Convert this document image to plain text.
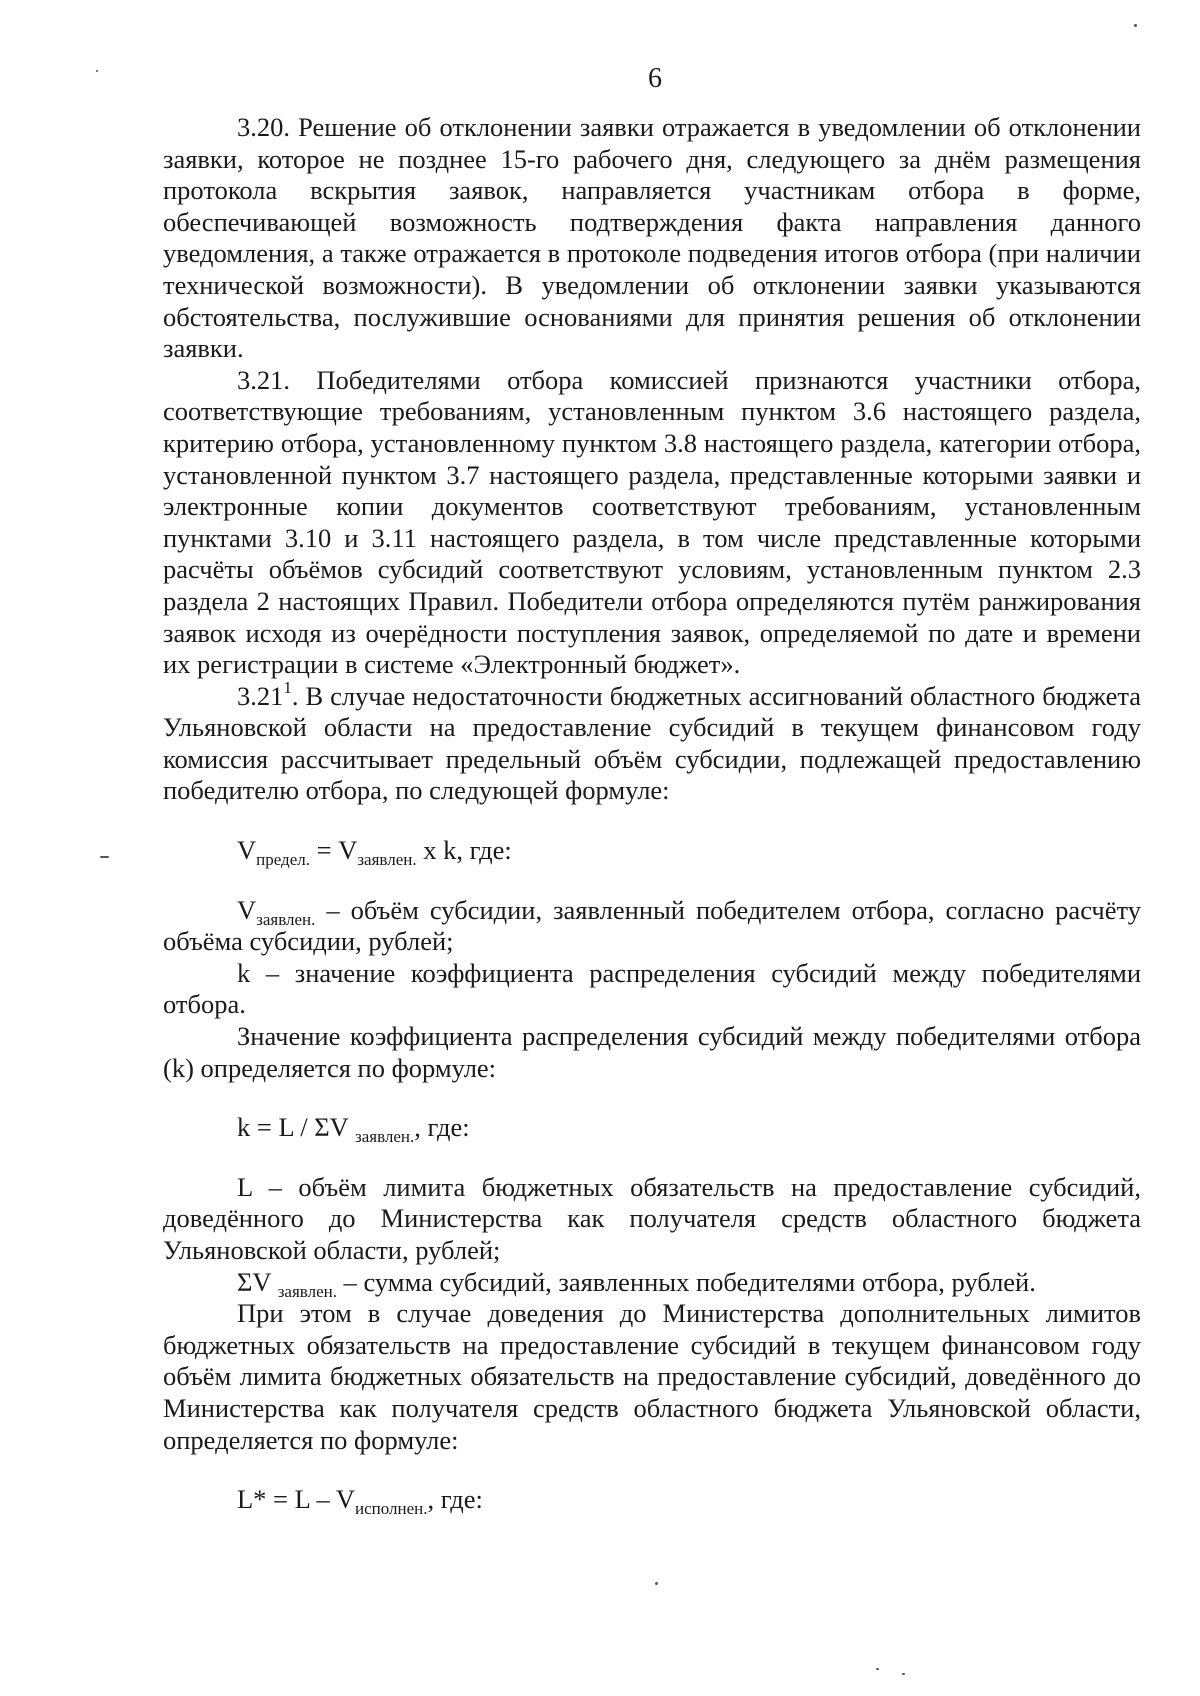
6

3.20. Решение об отклонении заявки отражается в уведомлении об отклонении заявки, которое не позднее 15-го рабочего дня, следующего за днём размещения протокола вскрытия заявок, направляется участникам отбора в форме, обеспечивающей возможность подтверждения факта направления данного уведомления, а также отражается в протоколе подведения итогов отбора (при наличии технической возможности). В уведомлении об отклонении заявки указываются обстоятельства, послужившие основаниями для принятия решения об отклонении заявки.

3.21. Победителями отбора комиссией признаются участники отбора, соответствующие требованиям, установленным пунктом 3.6 настоящего раздела, критерию отбора, установленному пунктом 3.8 настоящего раздела, категории отбора, установленной пунктом 3.7 настоящего раздела, представленные которыми заявки и электронные копии документов соответствуют требованиям, установленным пунктами 3.10 и 3.11 настоящего раздела, в том числе представленные которыми расчёты объёмов субсидий соответствуют условиям, установленным пунктом 2.3 раздела 2 настоящих Правил. Победители отбора определяются путём ранжирования заявок исходя из очерёдности поступления заявок, определяемой по дате и времени их регистрации в системе «Электронный бюджет».

3.21$^1$. В случае недостаточности бюджетных ассигнований областного бюджета Ульяновской области на предоставление субсидий в текущем финансовом году комиссия рассчитывает предельный объём субсидии, подлежащей предоставлению победителю отбора, по следующей формуле:

$V_{предел.} = V_{заявлен.}$ x k, где:

$V_{заявлен.}$ – объём субсидии, заявленный победителем отбора, согласно расчёту объёма субсидии, рублей;

k – значение коэффициента распределения субсидий между победителями отбора.

Значение коэффициента распределения субсидий между победителями отбора (k) определяется по формуле:

k = L / ΣV $_{заявлен.}$, где:

L – объём лимита бюджетных обязательств на предоставление субсидий, доведённого до Министерства как получателя средств областного бюджета Ульяновской области, рублей;

ΣV $_{заявлен.}$ – сумма субсидий, заявленных победителями отбора, рублей.

При этом в случае доведения до Министерства дополнительных лимитов бюджетных обязательств на предоставление субсидий в текущем финансовом году объём лимита бюджетных обязательств на предоставление субсидий, доведённого до Министерства как получателя средств областного бюджета Ульяновской области, определяется по формуле:

$L* = L - V_{исполнен.}$, где:
